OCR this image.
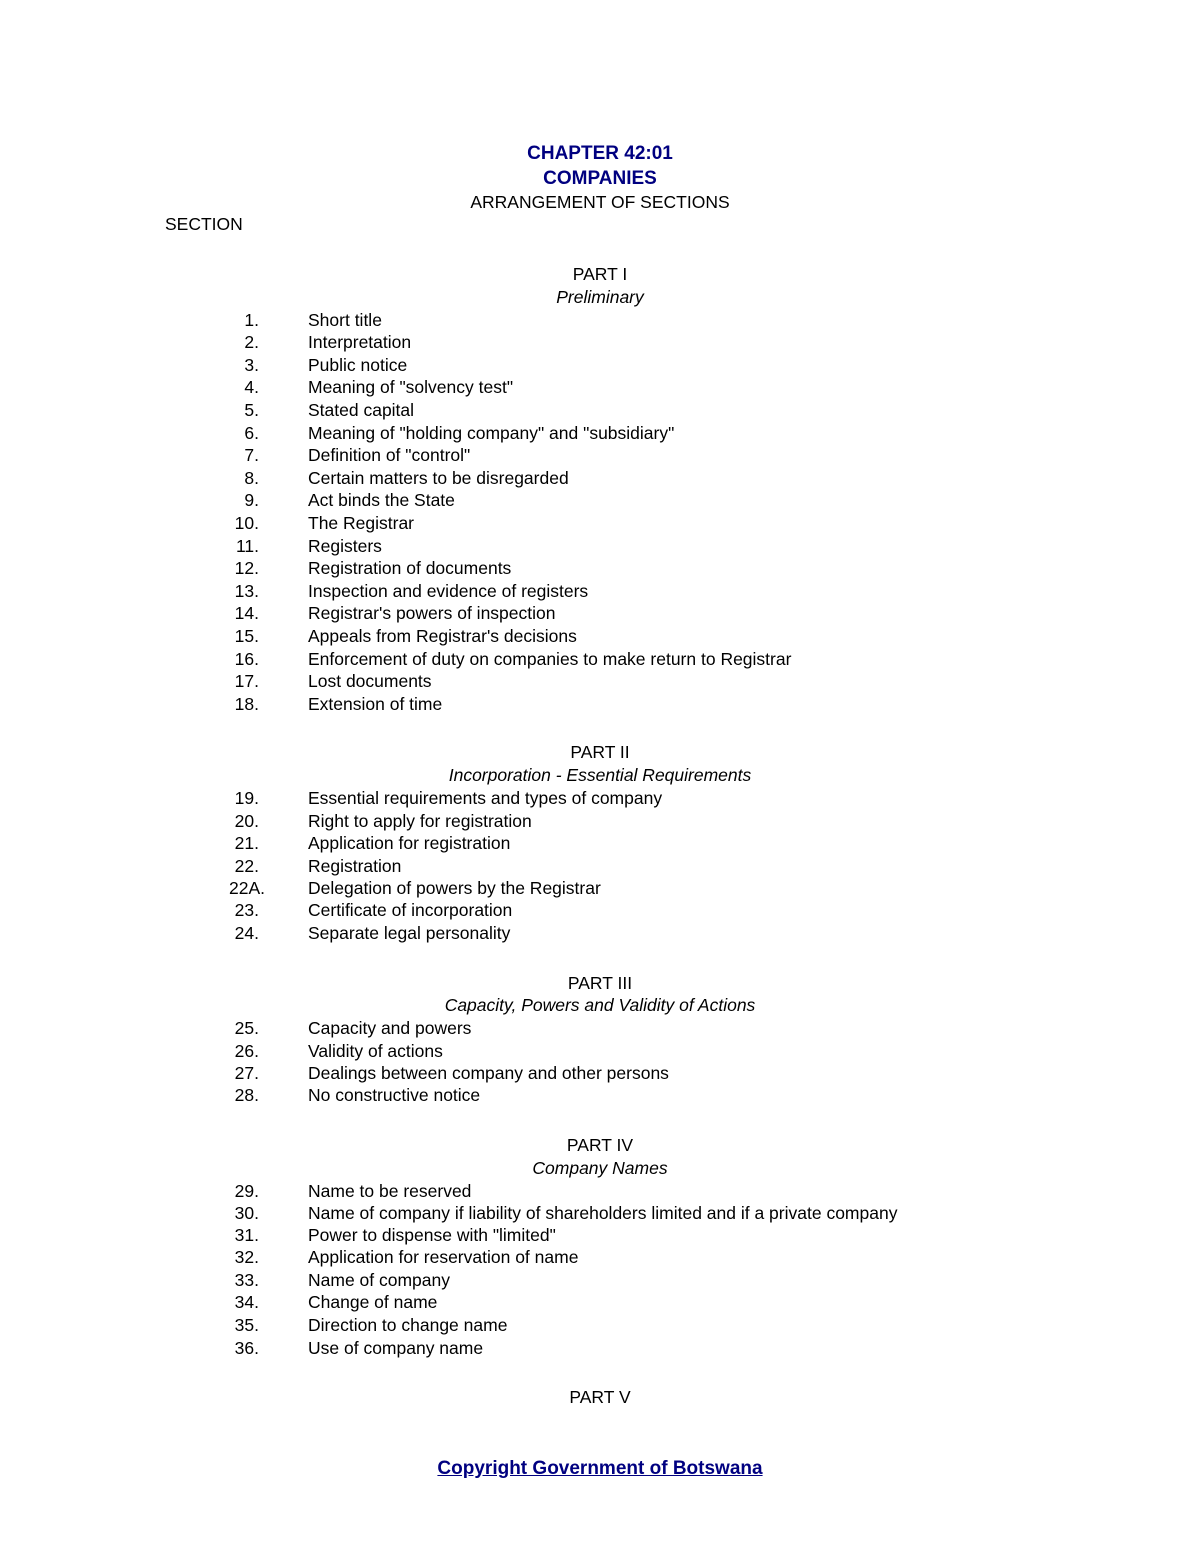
CHAPTER 42:01
COMPANIES
ARRANGEMENT OF SECTIONS
SECTION
PART I
Preliminary
1.	Short title
2.	Interpretation
3.	Public notice
4.	Meaning of "solvency test"
5.	Stated capital
6.	Meaning of "holding company" and "subsidiary"
7.	Definition of "control"
8.	Certain matters to be disregarded
9.	Act binds the State
10.	The Registrar
11.	Registers
12.	Registration of documents
13.	Inspection and evidence of registers
14.	Registrar's powers of inspection
15.	Appeals from Registrar's decisions
16.	Enforcement of duty on companies to make return to Registrar
17.	Lost documents
18.	Extension of time
PART II
Incorporation - Essential Requirements
19.	Essential requirements and types of company
20.	Right to apply for registration
21.	Application for registration
22.	Registration
22A. Delegation of powers by the Registrar
23.	Certificate of incorporation
24.	Separate legal personality
PART III
Capacity, Powers and Validity of Actions
25.	Capacity and powers
26.	Validity of actions
27.	Dealings between company and other persons
28.	No constructive notice
PART IV
Company Names
29.	Name to be reserved
30.	Name of company if liability of shareholders limited and if a private company
31.	Power to dispense with "limited"
32.	Application for reservation of name
33.	Name of company
34.	Change of name
35.	Direction to change name
36.	Use of company name
PART V
Copyright Government of Botswana
